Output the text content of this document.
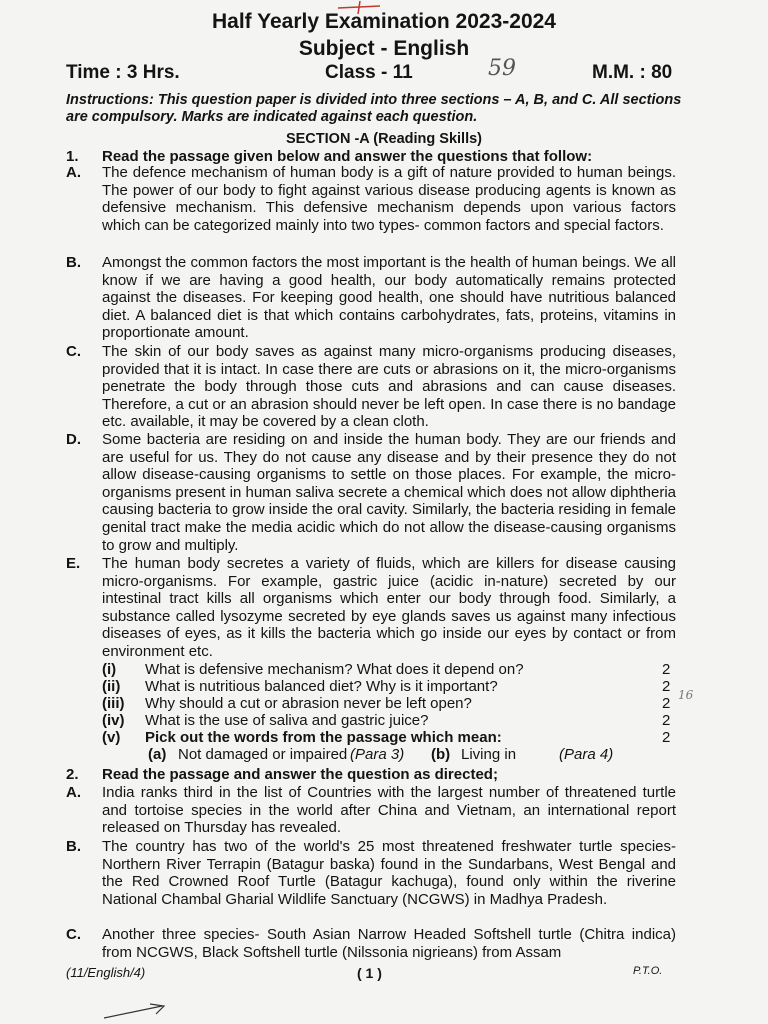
59
16
Half Yearly Examination 2023-2024
Subject - English
Time : 3 Hrs.	Class - 11	M.M. : 80
Instructions: This question paper is divided into three sections – A, B, and C. All sections are compulsory. Marks are indicated against each question.
SECTION -A (Reading Skills)
1. Read the passage given below and answer the questions that follow:
A. The defence mechanism of human body is a gift of nature provided to human beings. The power of our body to fight against various disease producing agents is known as defensive mechanism. This defensive mechanism depends upon various factors which can be categorized mainly into two types- common factors and special factors.

B. Amongst the common factors the most important is the health of human beings. We all know if we are having a good health, our body automatically remains protected against the diseases. For keeping good health, one should have nutritious balanced diet. A balanced diet is that which contains carbohydrates, fats, proteins, vitamins in proportionate amount.

C. The skin of our body saves as against many micro-organisms producing diseases, provided that it is intact. In case there are cuts or abrasions on it, the micro-organisms penetrate the body through those cuts and abrasions and can cause diseases. Therefore, a cut or an abrasion should never be left open. In case there is no bandage etc. available, it may be covered by a clean cloth.

D. Some bacteria are residing on and inside the human body. They are our friends and are useful for us. They do not cause any disease and by their presence they do not allow disease-causing organisms to settle on those places. For example, the micro-organisms present in human saliva secrete a chemical which does not allow diphtheria causing bacteria to grow inside the oral cavity. Similarly, the bacteria residing in female genital tract make the media acidic which do not allow the disease-causing organisms to grow and multiply.

E. The human body secretes a variety of fluids, which are killers for disease causing micro-organisms. For example, gastric juice (acidic in-nature) secreted by our intestinal tract kills all organisms which enter our body through food. Similarly, a substance called lysozyme secreted by eye glands saves us against many infectious diseases of eyes, as it kills the bacteria which go inside our eyes by contact or from environment etc.

(i) What is defensive mechanism? What does it depend on?	2
(ii) What is nutritious balanced diet? Why is it important?	2
(iii) Why should a cut or abrasion never be left open?	2
(iv) What is the use of saliva and gastric juice?	2
(v) Pick out the words from the passage which mean:	2
(a) Not damaged or impaired (Para 3) (b) Living in	(Para 4)
2. Read the passage and answer the question as directed;
A. India ranks third in the list of Countries with the largest number of threatened turtle and tortoise species in the world after China and Vietnam, an international report released on Thursday has revealed.

B. The country has two of the world's 25 most threatened freshwater turtle species- Northern River Terrapin (Batagur baska) found in the Sundarbans, West Bengal and the Red Crowned Roof Turtle (Batagur kachuga), found only within the riverine National Chambal Gharial Wildlife Sanctuary (NCGWS) in Madhya Pradesh.

C. Another three species- South Asian Narrow Headed Softshell turtle (Chitra indica) from NCGWS, Black Softshell turtle (Nilssonia nigrieans) from Assam

(11/English/4)	( 1 )	P.T.O.
